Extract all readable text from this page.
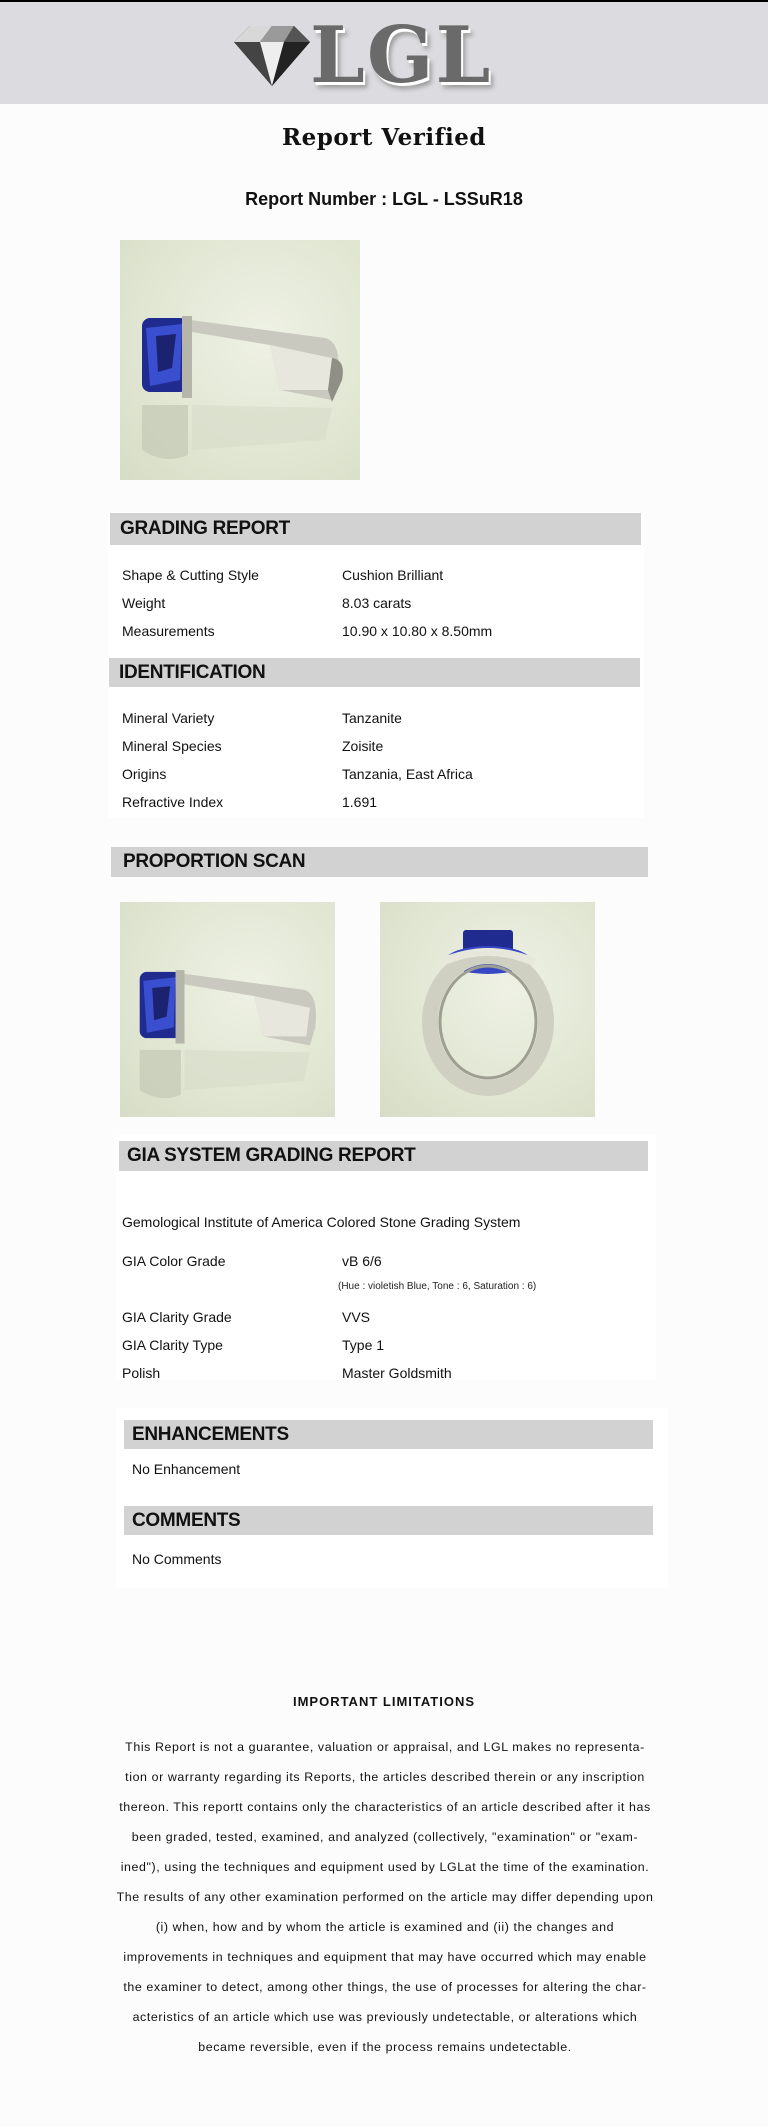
LGL
Report Verified
Report Number : LGL - LSSuR18
GRADING REPORT
Shape & Cutting Style	Cushion Brilliant
Weight	8.03 carats
Measurements	10.90 x 10.80 x 8.50mm
IDENTIFICATION
Mineral Variety	Tanzanite
Mineral Species	Zoisite
Origins	Tanzania, East Africa
Refractive Index	1.691
PROPORTION SCAN
GIA SYSTEM GRADING REPORT
Gemological Institute of America Colored Stone Grading System
GIA Color Grade	vB 6/6
(Hue : violetish Blue, Tone : 6, Saturation : 6)
GIA Clarity Grade	VVS
GIA Clarity Type	Type 1
Polish	Master Goldsmith
ENHANCEMENTS
No Enhancement
COMMENTS
No Comments
IMPORTANT LIMITATIONS
This Report is not a guarantee, valuation or appraisal, and LGL makes no representa- tion or warranty regarding its Reports, the articles described therein or any inscription thereon. This reportt contains only the characteristics of an article described after it has been graded, tested, examined, and analyzed (collectively, "examination" or "exam- ined"), using the techniques and equipment used by LGLat the time of the examination. The results of any other examination performed on the article may differ depending upon (i) when, how and by whom the article is examined and (ii) the changes and improvements in techniques and equipment that may have occurred which may enable the examiner to detect, among other things, the use of processes for altering the char- acteristics of an article which use was previously undetectable, or alterations which became reversible, even if the process remains undetectable.
